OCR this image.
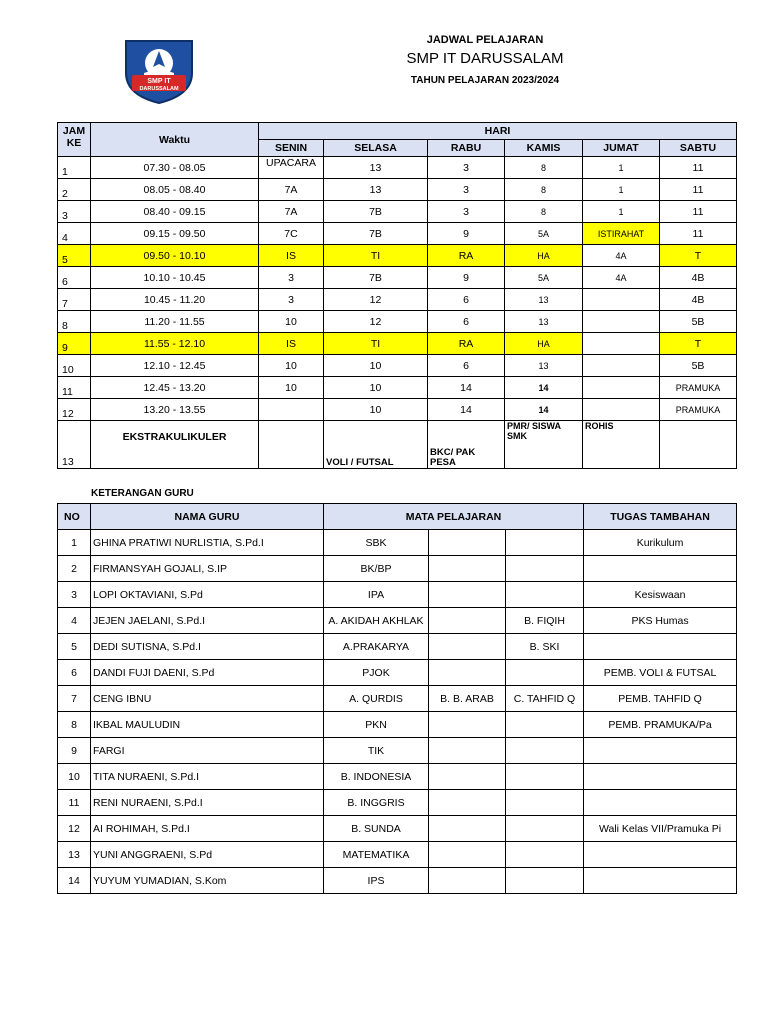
SMP IT
DARUSSALAM
JADWAL PELAJARAN
SMP IT DARUSSALAM
TAHUN PELAJARAN 2023/2024
JAM KE	Waktu	HARI					
		SENIN	SELASA	RABU	KAMIS	JUMAT	SABTU
1	07.30 - 08.05	UPACARA	13	3	8	1	11
2	08.05 - 08.40	7A	13	3	8	1	11
3	08.40 - 09.15	7A	7B	3	8	1	11
4	09.15 - 09.50	7C	7B	9	5A	ISTIRAHAT	11
5	09.50 - 10.10	IS	TI	RA	HA	4A	T
6	10.10 - 10.45	3	7B	9	5A	4A	4B
7	10.45 - 11.20	3	12	6	13		4B
8	11.20 - 11.55	10	12	6	13		5B
9	11.55 - 12.10	IS	TI	RA	HA		T
10	12.10 - 12.45	10	10	6	13		5B
11	12.45 - 13.20	10	10	14	14		PRAMUKA
12	13.20 - 13.55		10	14	14		PRAMUKA
13	EKSTRAKULIKULER		VOLI / FUTSAL	BKC/ PAK PESA	PMR/ SISWA SMK	ROHIS	
KETERANGAN GURU
NO	NAMA GURU	MATA PELAJARAN			TUGAS TAMBAHAN
1	GHINA PRATIWI NURLISTIA, S.Pd.I	SBK			Kurikulum
2	FIRMANSYAH GOJALI, S.IP	BK/BP			
3	LOPI OKTAVIANI, S.Pd	IPA			Kesiswaan
4	JEJEN JAELANI, S.Pd.I	A. AKIDAH AKHLAK		B. FIQIH	PKS Humas
5	DEDI SUTISNA, S.Pd.I	A.PRAKARYA		B. SKI	
6	DANDI FUJI DAENI, S.Pd	PJOK			PEMB. VOLI & FUTSAL
7	CENG IBNU	A. QURDIS	B. B. ARAB	C. TAHFID Q	PEMB. TAHFID Q
8	IKBAL MAULUDIN	PKN			PEMB. PRAMUKA/Pa
9	FARGI	TIK			
10	TITA NURAENI, S.Pd.I	B. INDONESIA			
11	RENI NURAENI, S.Pd.I	B. INGGRIS			
12	AI ROHIMAH, S.Pd.I	B. SUNDA			Wali Kelas VII/Pramuka Pi
13	YUNI ANGGRAENI, S.Pd	MATEMATIKA			
14	YUYUM YUMADIAN, S.Kom	IPS			
